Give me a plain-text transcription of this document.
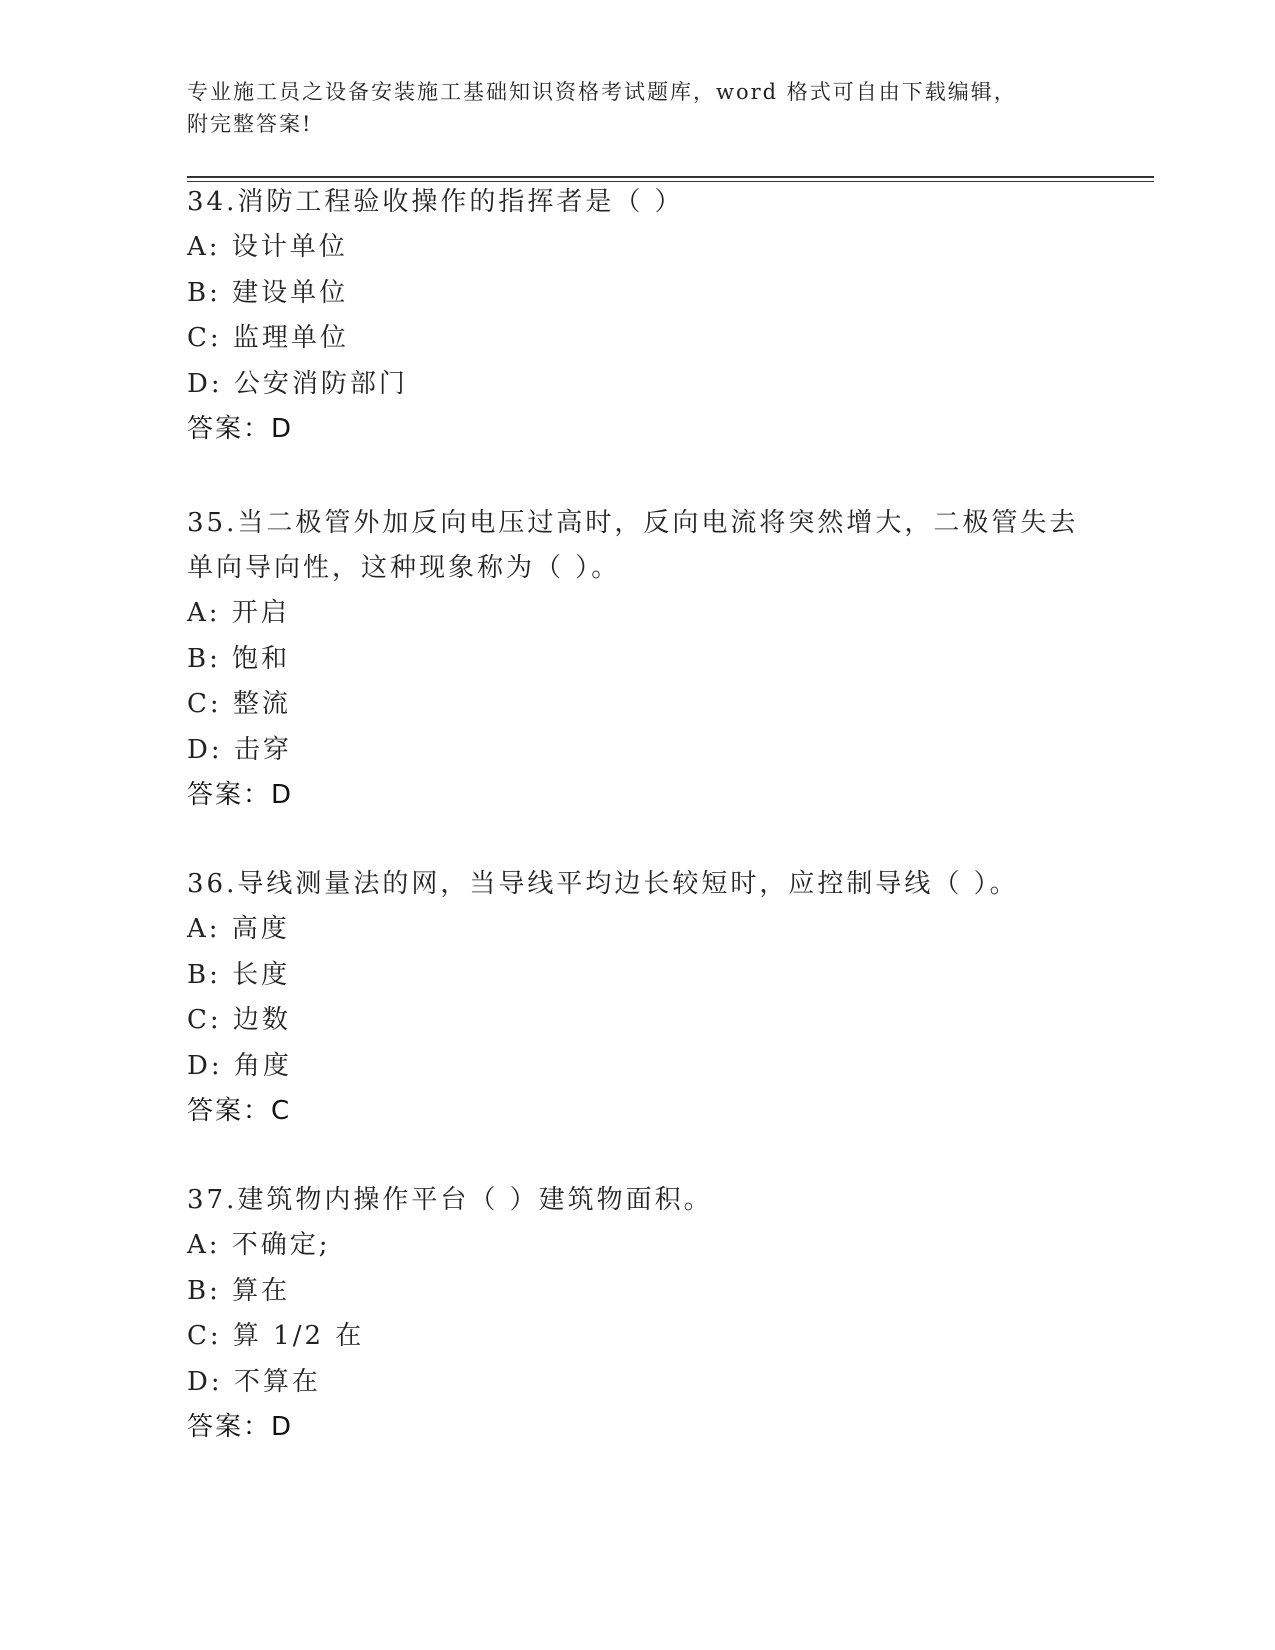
专业施工员之设备安装施工基础知识资格考试题库，word 格式可自由下载编辑，
附完整答案!

34.消防工程验收操作的指挥者是（ ）

A: 设计单位

B: 建设单位

C: 监理单位

D: 公安消防部门

答案：D

35.当二极管外加反向电压过高时，反向电流将突然增大，二极管失去单向导向性，这种现象称为（ ）。

A: 开启

B: 饱和

C: 整流

D: 击穿

答案：D

36.导线测量法的网，当导线平均边长较短时，应控制导线（ ）。

A: 高度

B: 长度

C: 边数

D: 角度

答案：C

37.建筑物内操作平台（ ）建筑物面积。

A: 不确定;

B: 算在

C: 算 1/2 在

D: 不算在

答案：D
